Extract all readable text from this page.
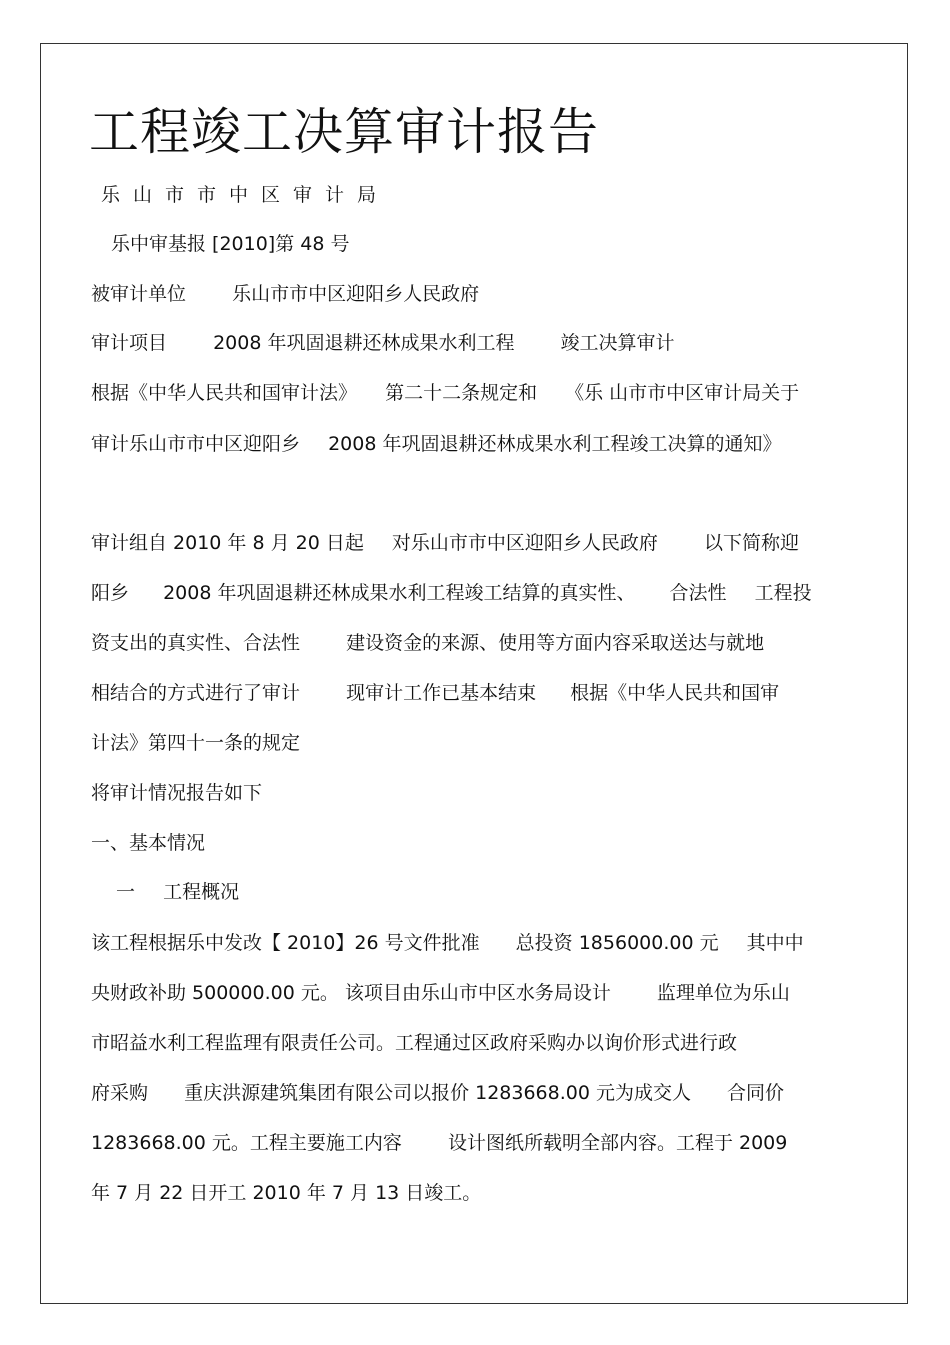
工程竣工决算审计报告
乐山市市中区审计局
乐中审基报 [2010]第 48 号
被审计单位 乐山市市中区迎阳乡人民政府
审计项目 2008 年巩固退耕还林成果水利工程 竣工决算审计
根据《中华人民共和国审计法》 第二十二条规定和 《乐 山市市中区审计局关于
审计乐山市市中区迎阳乡 2008 年巩固退耕还林成果水利工程竣工决算的通知》
审计组自 2010 年 8 月 20 日起 对乐山市市中区迎阳乡人民政府 以下简称迎
阳乡 2008 年巩固退耕还林成果水利工程竣工结算的真实性、 合法性 工程投
资支出的真实性、合法性 建设资金的来源、使用等方面内容采取送达与就地
相结合的方式进行了审计 现审计工作已基本结束 根据《中华人民共和国审
计法》第四十一条的规定
将审计情况报告如下
一、基本情况
一 工程概况
该工程根据乐中发改【 2010】26 号文件批准 总投资 1856000.00 元 其中中
央财政补助 500000.00 元。 该项目由乐山市中区水务局设计 监理单位为乐山
市昭益水利工程监理有限责任公司。工程通过区政府采购办以询价形式进行政
府采购 重庆洪源建筑集团有限公司以报价 1283668.00 元为成交人 合同价
1283668.00 元。工程主要施工内容 设计图纸所载明全部内容。工程于 2009
年 7 月 22 日开工 2010 年 7 月 13 日竣工。
